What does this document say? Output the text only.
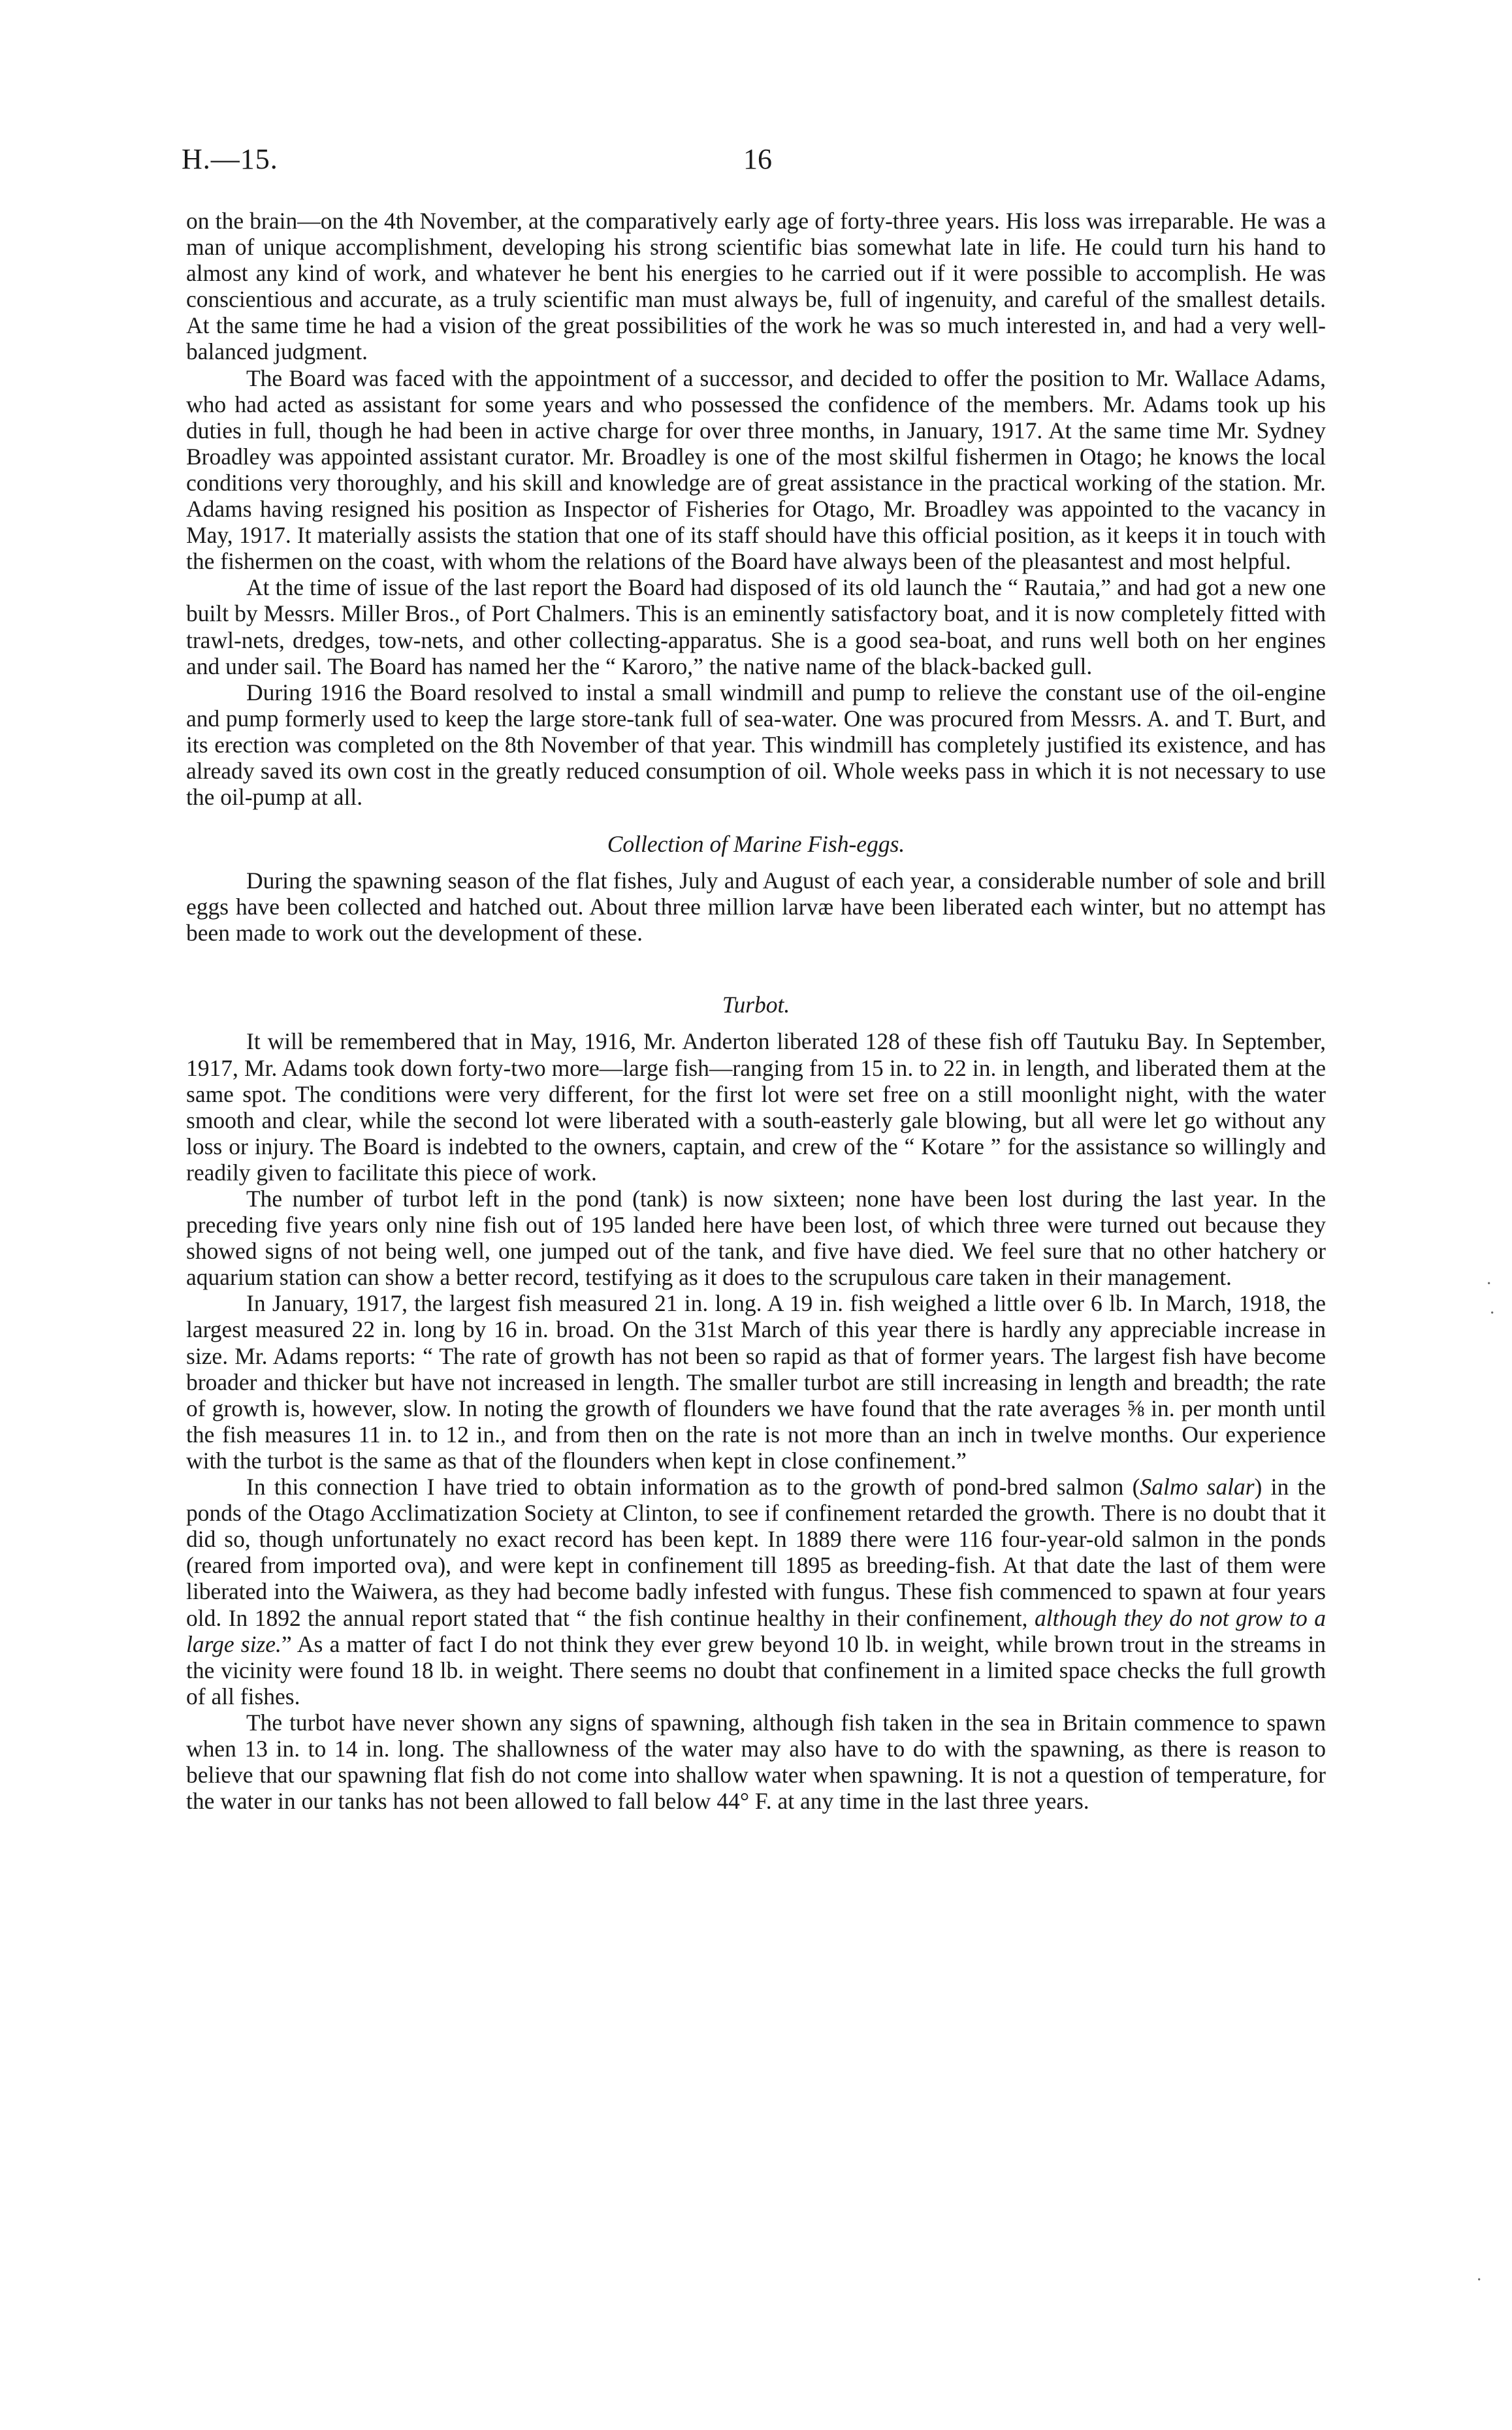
H.—15.	16

on the brain—on the 4th November, at the comparatively early age of forty-three years. His loss was irreparable. He was a man of unique accomplishment, developing his strong scientific bias somewhat late in life. He could turn his hand to almost any kind of work, and whatever he bent his energies to he carried out if it were possible to accomplish. He was conscientious and accurate, as a truly scientific man must always be, full of ingenuity, and careful of the smallest details. At the same time he had a vision of the great possibilities of the work he was so much interested in, and had a very well-balanced judgment.

The Board was faced with the appointment of a successor, and decided to offer the position to Mr. Wallace Adams, who had acted as assistant for some years and who possessed the confidence of the members. Mr. Adams took up his duties in full, though he had been in active charge for over three months, in January, 1917. At the same time Mr. Sydney Broadley was appointed assistant curator. Mr. Broadley is one of the most skilful fishermen in Otago; he knows the local conditions very thoroughly, and his skill and knowledge are of great assistance in the practical working of the station. Mr. Adams having resigned his position as Inspector of Fisheries for Otago, Mr. Broadley was appointed to the vacancy in May, 1917. It materially assists the station that one of its staff should have this official position, as it keeps it in touch with the fishermen on the coast, with whom the relations of the Board have always been of the pleasantest and most helpful.

At the time of issue of the last report the Board had disposed of its old launch the “ Rautaia,” and had got a new one built by Messrs. Miller Bros., of Port Chalmers. This is an eminently satisfactory boat, and it is now completely fitted with trawl-nets, dredges, tow-nets, and other collecting-apparatus. She is a good sea-boat, and runs well both on her engines and under sail. The Board has named her the “ Karoro,” the native name of the black-backed gull.

During 1916 the Board resolved to instal a small windmill and pump to relieve the constant use of the oil-engine and pump formerly used to keep the large store-tank full of sea-water. One was procured from Messrs. A. and T. Burt, and its erection was completed on the 8th November of that year. This windmill has completely justified its existence, and has already saved its own cost in the greatly reduced consumption of oil. Whole weeks pass in which it is not necessary to use the oil-pump at all.

Collection of Marine Fish-eggs.

During the spawning season of the flat fishes, July and August of each year, a considerable number of sole and brill eggs have been collected and hatched out. About three million larvæ have been liberated each winter, but no attempt has been made to work out the development of these.

Turbot.

It will be remembered that in May, 1916, Mr. Anderton liberated 128 of these fish off Tautuku Bay. In September, 1917, Mr. Adams took down forty-two more—large fish—ranging from 15 in. to 22 in. in length, and liberated them at the same spot. The conditions were very different, for the first lot were set free on a still moonlight night, with the water smooth and clear, while the second lot were liberated with a south-easterly gale blowing, but all were let go without any loss or injury. The Board is indebted to the owners, captain, and crew of the “ Kotare ” for the assistance so willingly and readily given to facilitate this piece of work.

The number of turbot left in the pond (tank) is now sixteen; none have been lost during the last year. In the preceding five years only nine fish out of 195 landed here have been lost, of which three were turned out because they showed signs of not being well, one jumped out of the tank, and five have died. We feel sure that no other hatchery or aquarium station can show a better record, testifying as it does to the scrupulous care taken in their management.

In January, 1917, the largest fish measured 21 in. long. A 19 in. fish weighed a little over 6 lb. In March, 1918, the largest measured 22 in. long by 16 in. broad. On the 31st March of this year there is hardly any appreciable increase in size. Mr. Adams reports: “ The rate of growth has not been so rapid as that of former years. The largest fish have become broader and thicker but have not increased in length. The smaller turbot are still increasing in length and breadth; the rate of growth is, however, slow. In noting the growth of flounders we have found that the rate averages ⅝ in. per month until the fish measures 11 in. to 12 in., and from then on the rate is not more than an inch in twelve months. Our experience with the turbot is the same as that of the flounders when kept in close confinement.”

In this connection I have tried to obtain information as to the growth of pond-bred salmon (Salmo salar) in the ponds of the Otago Acclimatization Society at Clinton, to see if confinement retarded the growth. There is no doubt that it did so, though unfortunately no exact record has been kept. In 1889 there were 116 four-year-old salmon in the ponds (reared from imported ova), and were kept in confinement till 1895 as breeding-fish. At that date the last of them were liberated into the Waiwera, as they had become badly infested with fungus. These fish commenced to spawn at four years old. In 1892 the annual report stated that “ the fish continue healthy in their confinement, although they do not grow to a large size.” As a matter of fact I do not think they ever grew beyond 10 lb. in weight, while brown trout in the streams in the vicinity were found 18 lb. in weight. There seems no doubt that confinement in a limited space checks the full growth of all fishes.

The turbot have never shown any signs of spawning, although fish taken in the sea in Britain commence to spawn when 13 in. to 14 in. long. The shallowness of the water may also have to do with the spawning, as there is reason to believe that our spawning flat fish do not come into shallow water when spawning. It is not a question of temperature, for the water in our tanks has not been allowed to fall below 44° F. at any time in the last three years.

·
·
·
